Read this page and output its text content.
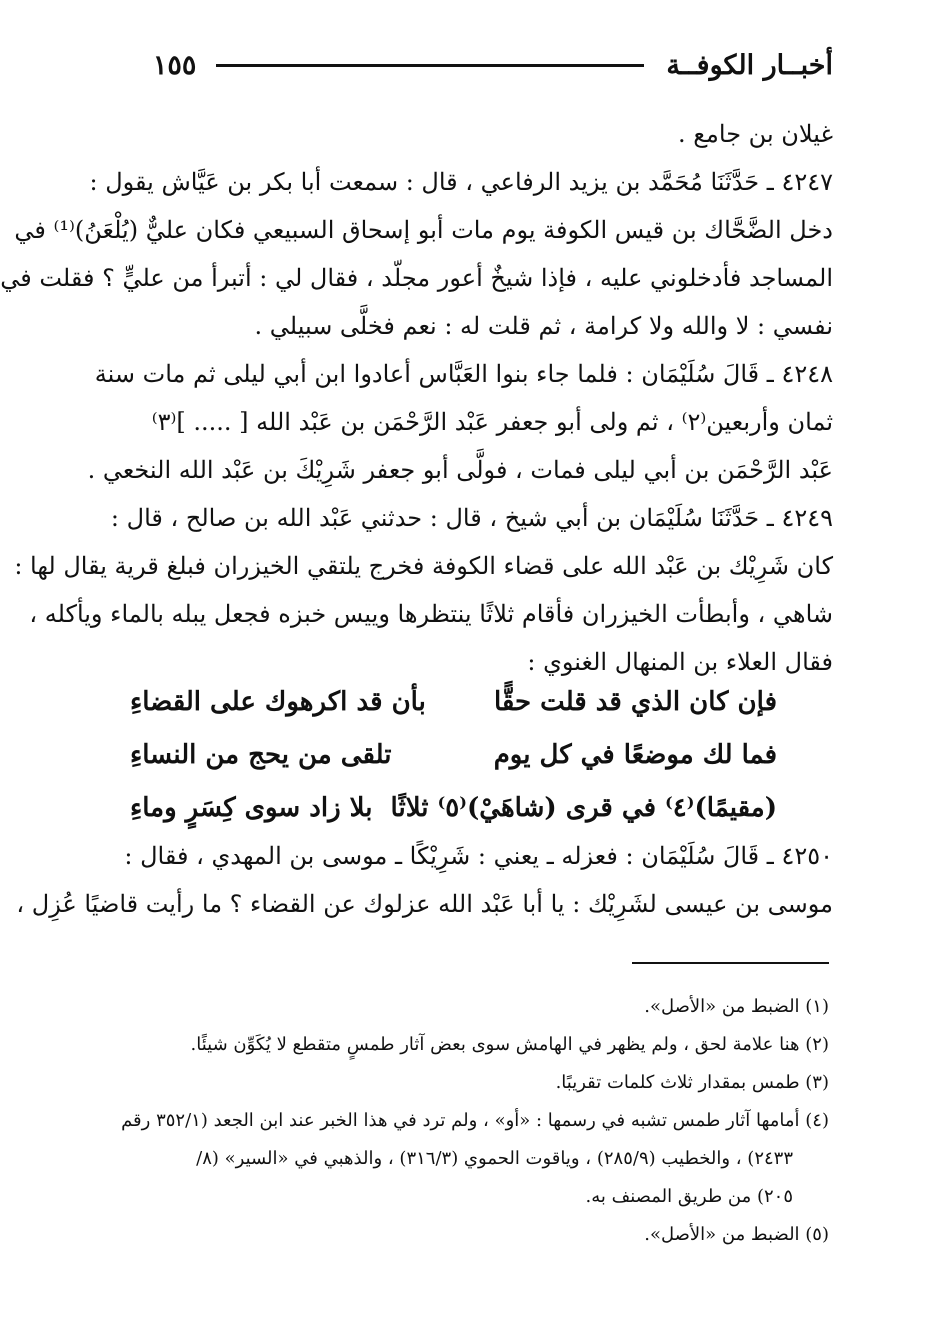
أخبــار الكوفــة
١٥٥
غيلان بن جامع .
٤٢٤٧ ـ حَدَّثَنَا مُحَمَّد بن يزيد الرفاعي ، قال : سمعت أبا بكر بن عَيَّاش يقول :
دخل الضَّحَّاك بن قيس الكوفة يوم مات أبو إسحاق السبيعي فكان عليٌّ (يُلْعَنُ)⁽¹⁾ في
المساجد فأدخلوني عليه ، فإذا شيخٌ أعور مجلّد ، فقال لي : أتبرأ من عليٍّ ؟ فقلت في
نفسي : لا والله ولا كرامة ، ثم قلت له : نعم فخلَّى سبيلي .
٤٢٤٨ ـ قَالَ سُلَيْمَان : فلما جاء بنوا العَبَّاس أعادوا ابن أبي ليلى ثم مات سنة
ثمان وأربعين⁽٢⁾ ، ثم ولى أبو جعفر عَبْد الرَّحْمَن بن عَبْد الله [ ..... ]⁽٣⁾
عَبْد الرَّحْمَن بن أبي ليلى فمات ، فولَّى أبو جعفر شَرِيْكَ بن عَبْد الله النخعي .
٤٢٤٩ ـ حَدَّثَنَا سُلَيْمَان بن أبي شيخ ، قال : حدثني عَبْد الله بن صالح ، قال :
كان شَرِيْك بن عَبْد الله على قضاء الكوفة فخرج يلتقي الخيزران فبلغ قرية يقال لها :
شاهي ، وأبطأت الخيزران فأقام ثلاثًا ينتظرها وييس خبزه فجعل يبله بالماء ويأكله ،
فقال العلاء بن المنهال الغنوي :
فإن كان الذي قد قلت حقًّا
بأن قد اكرهوك على القضاءِ
فما لك موضعًا في كل يوم
تلقى من يحج من النساءِ
(مقيمًا)⁽٤⁾ في قرى (شاهَيْ)⁽٥⁾ ثلاثًا
بلا زاد سوى كِسَرٍ وماءِ
٤٢٥٠ ـ قَالَ سُلَيْمَان : فعزله ـ يعني : شَرِيْكًا ـ موسى بن المهدي ، فقال :
موسى بن عيسى لشَرِيْك : يا أبا عَبْد الله عزلوك عن القضاء ؟ ما رأيت قاضيًا عُزِل ،
(١) الضبط من «الأصل».
(٢) هنا علامة لحق ، ولم يظهر في الهامش سوى بعض آثار طمسٍ متقطع لا يُكَوِّن شيئًا.
(٣) طمس بمقدار ثلاث كلمات تقريبًا.
(٤) أمامها آثار طمس تشبه في رسمها : «أو» ، ولم ترد في هذا الخبر عند ابن الجعد (٣٥٢/١ رقم
٢٤٣٣) ، والخطيب (٢٨٥/٩) ، وياقوت الحموي (٣١٦/٣) ، والذهبي في «السير» (٨/
٢٠٥) من طريق المصنف به.
(٥) الضبط من «الأصل».
